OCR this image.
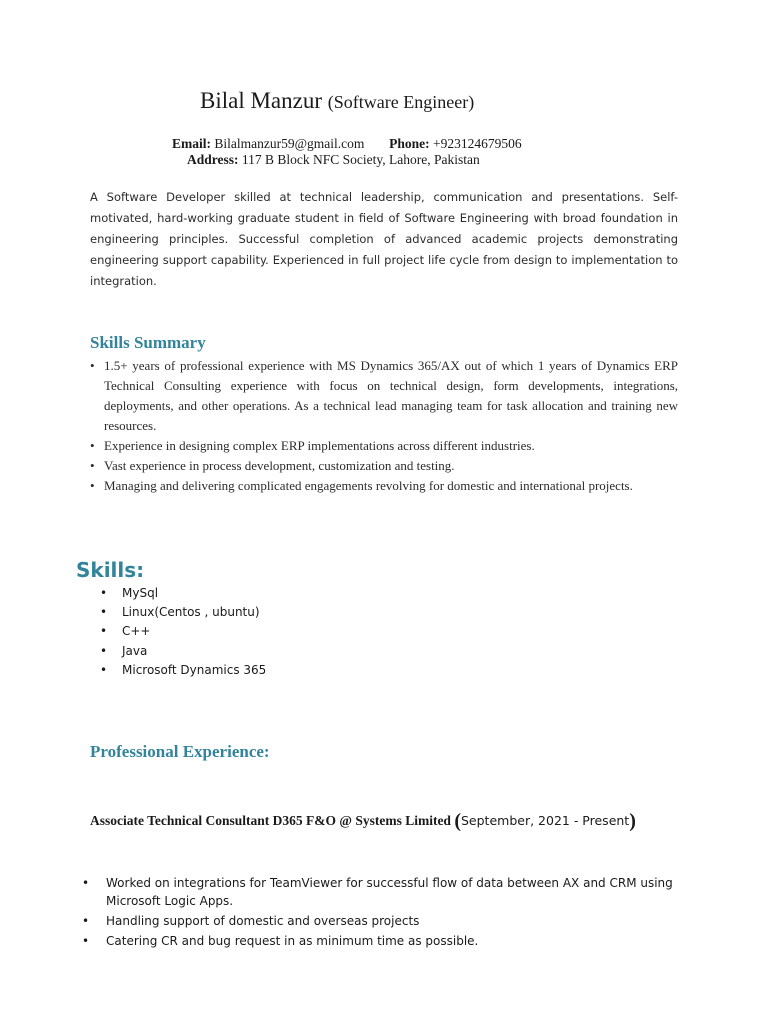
Bilal Manzur (Software Engineer)
Email: Bilalmanzur59@gmail.com Phone: +923124679506
Address: 117 B Block NFC Society, Lahore, Pakistan

A Software Developer skilled at technical leadership, communication and presentations. Self-motivated, hard-working graduate student in field of Software Engineering with broad foundation in engineering principles. Successful completion of advanced academic projects demonstrating engineering support capability. Experienced in full project life cycle from design to implementation to integration.

Skills Summary
• 1.5+ years of professional experience with MS Dynamics 365/AX out of which 1 years of Dynamics ERP Technical Consulting experience with focus on technical design, form developments, integrations, deployments, and other operations. As a technical lead managing team for task allocation and training new resources.
• Experience in designing complex ERP implementations across different industries.
• Vast experience in process development, customization and testing.
• Managing and delivering complicated engagements revolving for domestic and international projects.
Skills:
• MySql
• Linux(Centos , ubuntu)
• C++
• Java
• Microsoft Dynamics 365
Professional Experience:
Associate Technical Consultant D365 F&O @ Systems Limited (September, 2021 - Present)
• Worked on integrations for TeamViewer for successful flow of data between AX and CRM using Microsoft Logic Apps.
• Handling support of domestic and overseas projects
• Catering CR and bug request in as minimum time as possible.
